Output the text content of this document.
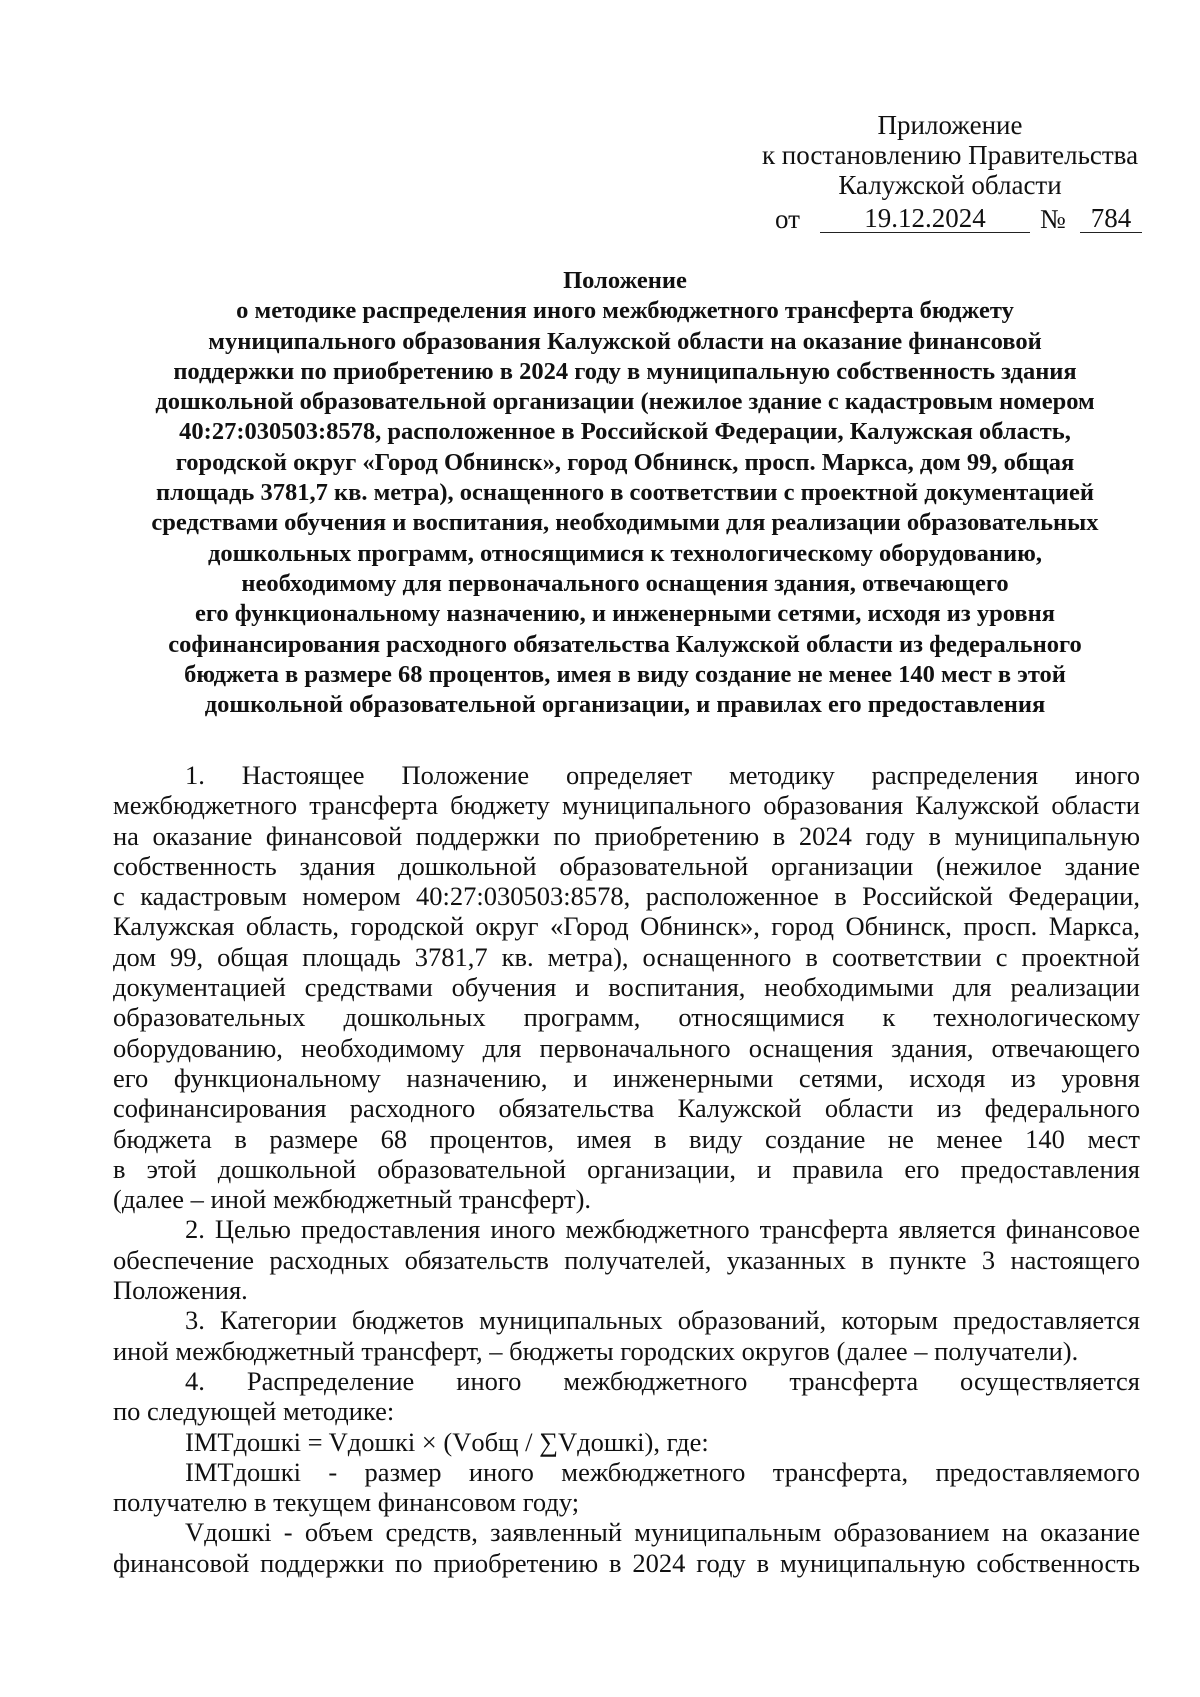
Приложение
к постановлению Правительства
Калужской области
от	19.12.2024	№ 784
Положение
о методике распределения иного межбюджетного трансферта бюджету
муниципального образования Калужской области на оказание финансовой
поддержки по приобретению в 2024 году в муниципальную собственность здания
дошкольной образовательной организации (нежилое здание с кадастровым номером
40:27:030503:8578, расположенное в Российской Федерации, Калужская область,
городской округ «Город Обнинск», город Обнинск, просп. Маркса, дом 99, общая
площадь 3781,7 кв. метра), оснащенного в соответствии с проектной документацией
средствами обучения и воспитания, необходимыми для реализации образовательных
дошкольных программ, относящимися к технологическому оборудованию,
необходимому для первоначального оснащения здания, отвечающего
его функциональному назначению, и инженерными сетями, исходя из уровня
софинансирования расходного обязательства Калужской области из федерального
бюджета в размере 68 процентов, имея в виду создание не менее 140 мест в этой
дошкольной образовательной организации, и правилах его предоставления
1. Настоящее Положение определяет методику распределения иного
межбюджетного трансферта бюджету муниципального образования Калужской области
на оказание финансовой поддержки по приобретению в 2024 году в муниципальную
собственность здания дошкольной образовательной организации (нежилое здание
с кадастровым номером 40:27:030503:8578, расположенное в Российской Федерации,
Калужская область, городской округ «Город Обнинск», город Обнинск, просп. Маркса,
дом 99, общая площадь 3781,7 кв. метра), оснащенного в соответствии с проектной
документацией средствами обучения и воспитания, необходимыми для реализации
образовательных дошкольных программ, относящимися к технологическому
оборудованию, необходимому для первоначального оснащения здания, отвечающего
его функциональному назначению, и инженерными сетями, исходя из уровня
софинансирования расходного обязательства Калужской области из федерального
бюджета в размере 68 процентов, имея в виду создание не менее 140 мест
в этой дошкольной образовательной организации, и правила его предоставления
(далее – иной межбюджетный трансферт).
2. Целью предоставления иного межбюджетного трансферта является финансовое
обеспечение расходных обязательств получателей, указанных в пункте 3 настоящего
Положения.
3. Категории бюджетов муниципальных образований, которым предоставляется
иной межбюджетный трансферт, – бюджеты городских округов (далее – получатели).
4. Распределение иного межбюджетного трансферта осуществляется
по следующей методике:
IМТдошкi = Vдошкi × (Vобщ / ∑Vдошкi), где:
IМТдошкi - размер иного межбюджетного трансферта, предоставляемого
получателю в текущем финансовом году;
Vдошкi - объем средств, заявленный муниципальным образованием на оказание
финансовой поддержки по приобретению в 2024 году в муниципальную собственность
